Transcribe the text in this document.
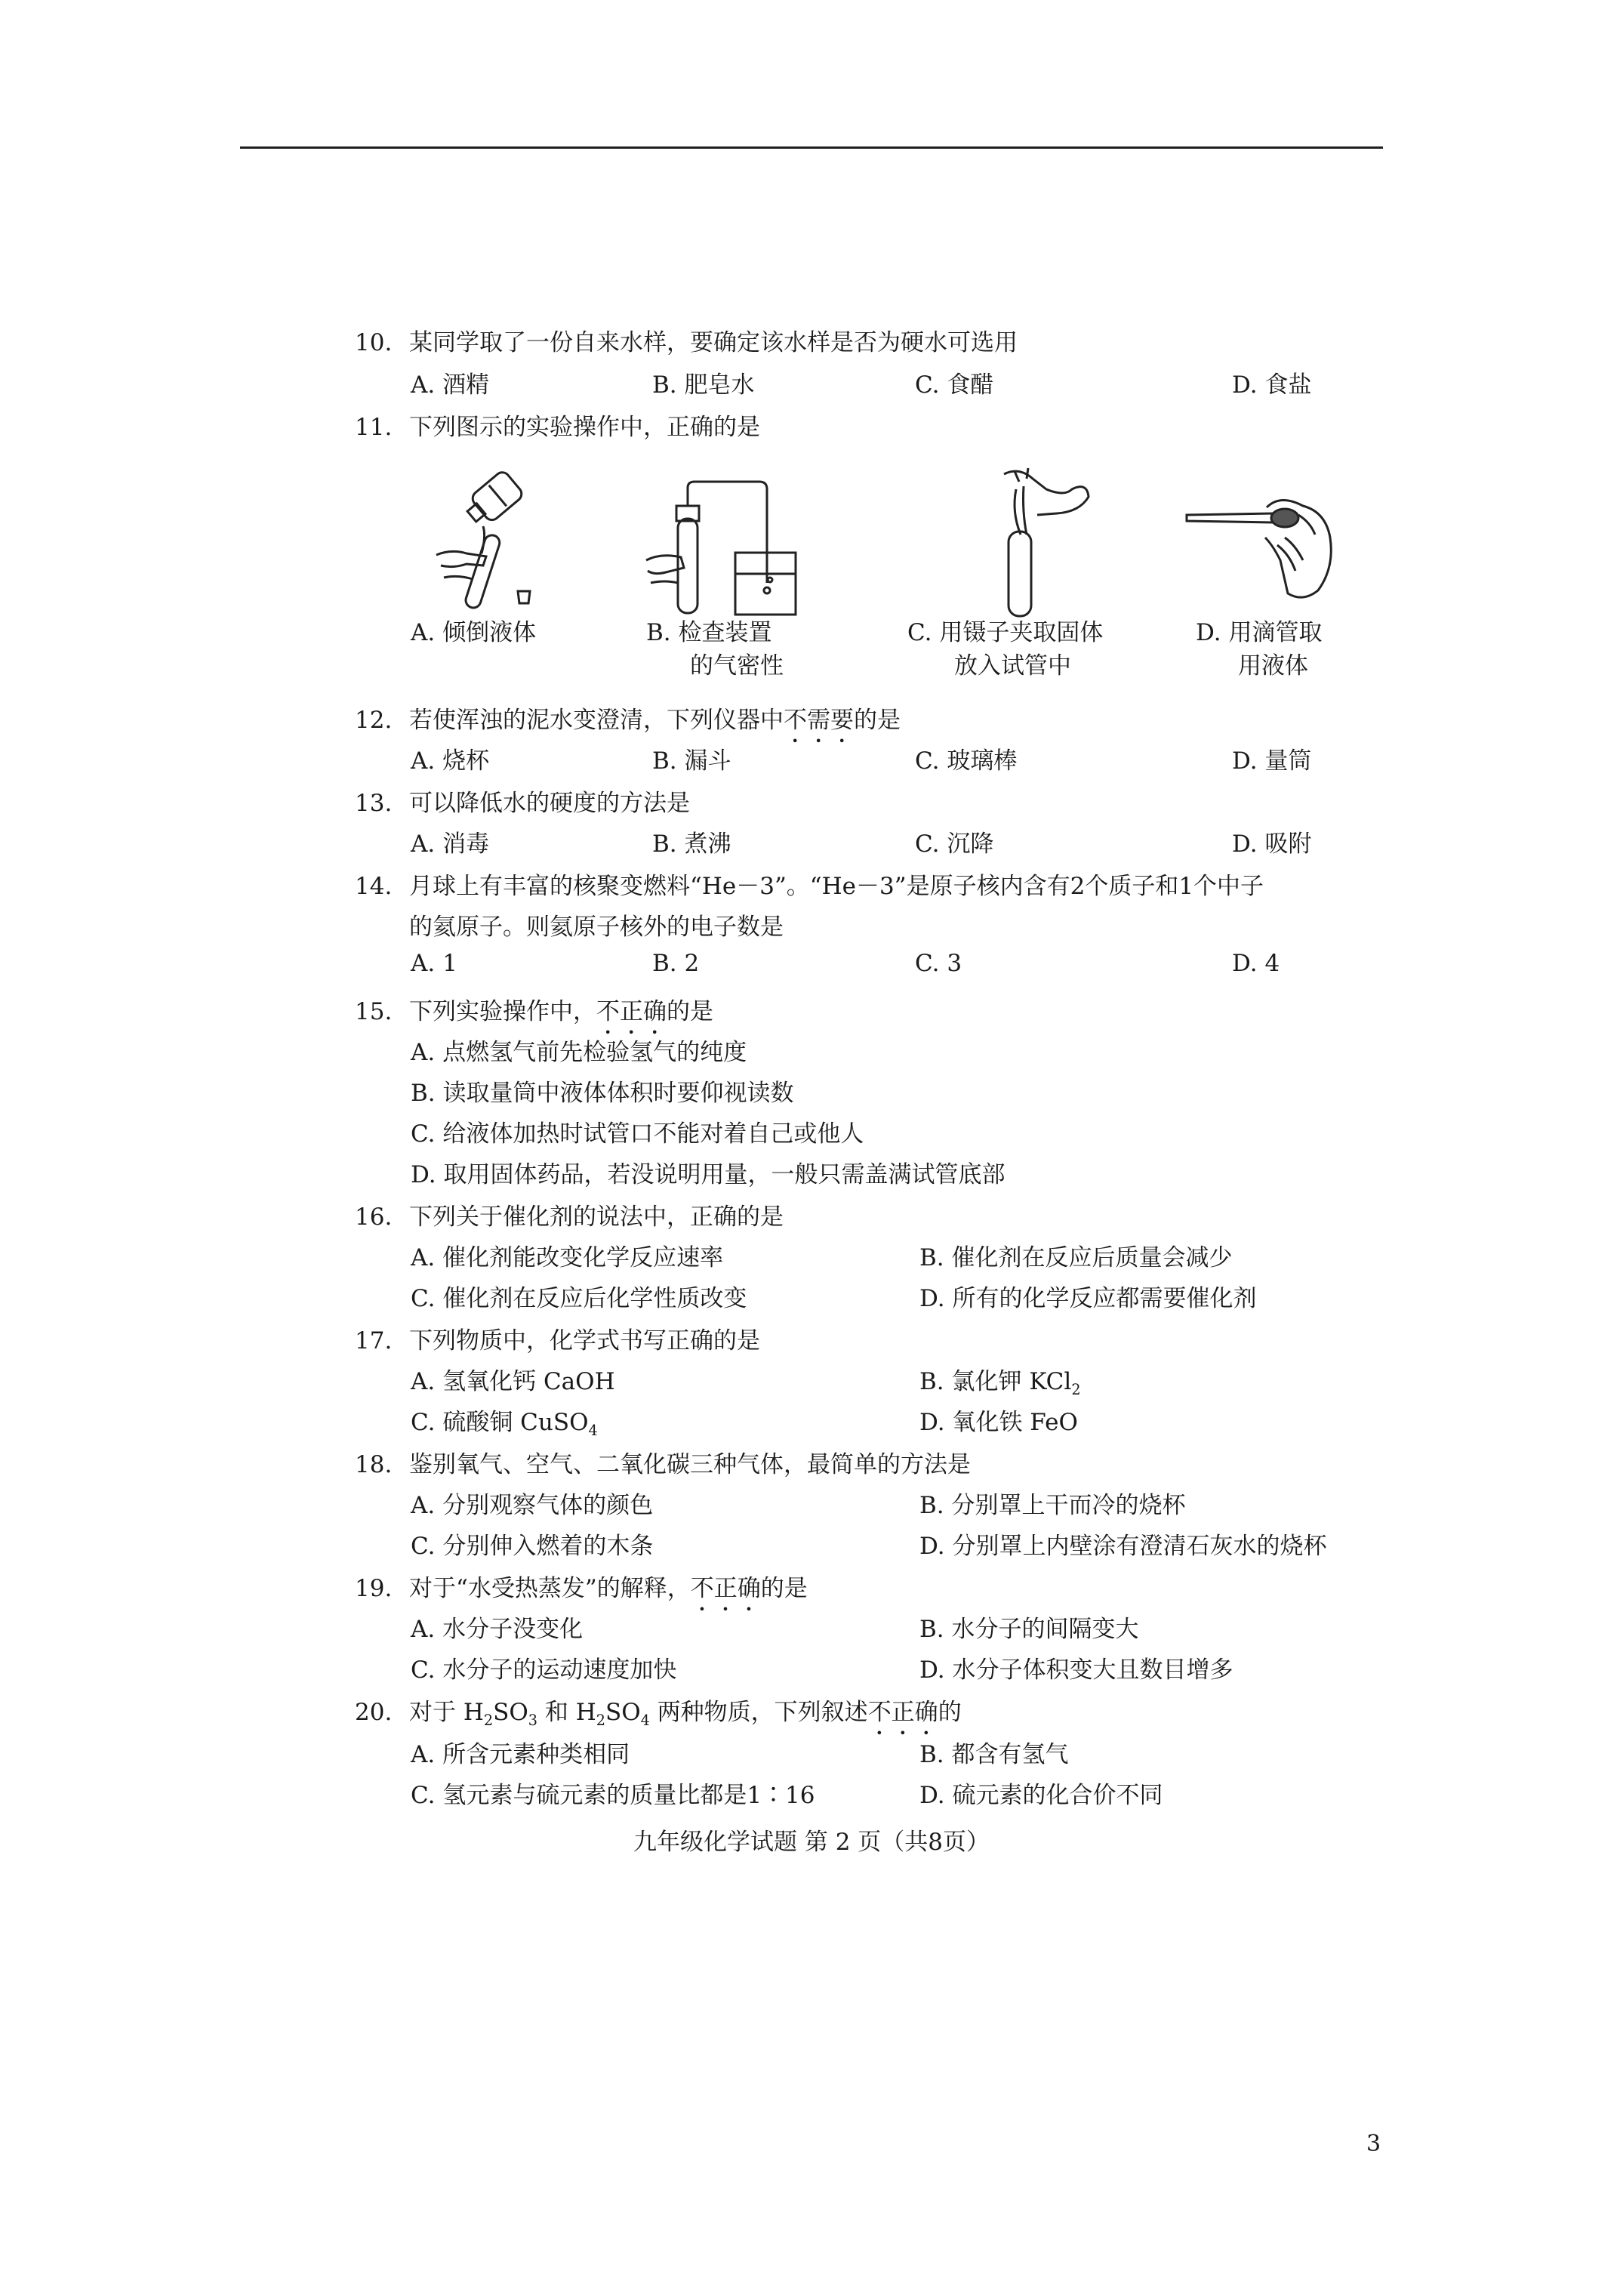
10. 某同学取了一份自来水样，要确定该水样是否为硬水可选用
A. 酒精	B. 肥皂水	C. 食醋	D. 食盐
11. 下列图示的实验操作中，正确的是
A. 倾倒液体	B. 检查装置
的气密性
C. 用镊子夹取固体
放入试管中
D. 用滴管取
用液体
12. 若使浑浊的泥水变澄清，下列仪器中不需要的是
A. 烧杯	B. 漏斗	C. 玻璃棒	D. 量筒
13. 可以降低水的硬度的方法是
A. 消毒	B. 煮沸	C. 沉降	D. 吸附
14. 月球上有丰富的核聚变燃料“He－3”。“He－3”是原子核内含有2个质子和1个中子
的氦原子。则氦原子核外的电子数是
A. 1	B. 2	C. 3	D. 4
15. 下列实验操作中，不正确的是
A. 点燃氢气前先检验氢气的纯度
B. 读取量筒中液体体积时要仰视读数
C. 给液体加热时试管口不能对着自己或他人
D. 取用固体药品，若没说明用量，一般只需盖满试管底部
16. 下列关于催化剂的说法中，正确的是
A. 催化剂能改变化学反应速率	B. 催化剂在反应后质量会减少
C. 催化剂在反应后化学性质改变	D. 所有的化学反应都需要催化剂
17. 下列物质中，化学式书写正确的是
A. 氢氧化钙 CaOH	B. 氯化钾 KCl$_2$
C. 硫酸铜 CuSO$_4$	D. 氧化铁 FeO
18. 鉴别氧气、空气、二氧化碳三种气体，最简单的方法是
A. 分别观察气体的颜色	B. 分别罩上干而冷的烧杯
C. 分别伸入燃着的木条	D. 分别罩上内壁涂有澄清石灰水的烧杯
19. 对于“水受热蒸发”的解释，不正确的是
A. 水分子没变化	B. 水分子的间隔变大
C. 水分子的运动速度加快	D. 水分子体积变大且数目增多
20. 对于 $H_2SO_3$ 和 $H_2SO_4$ 两种物质，下列叙述不正确的
A. 所含元素种类相同	B. 都含有氢气
C. 氢元素与硫元素的质量比都是1∶16	D. 硫元素的化合价不同
九年级化学试题 第 2 页（共8页）
3
